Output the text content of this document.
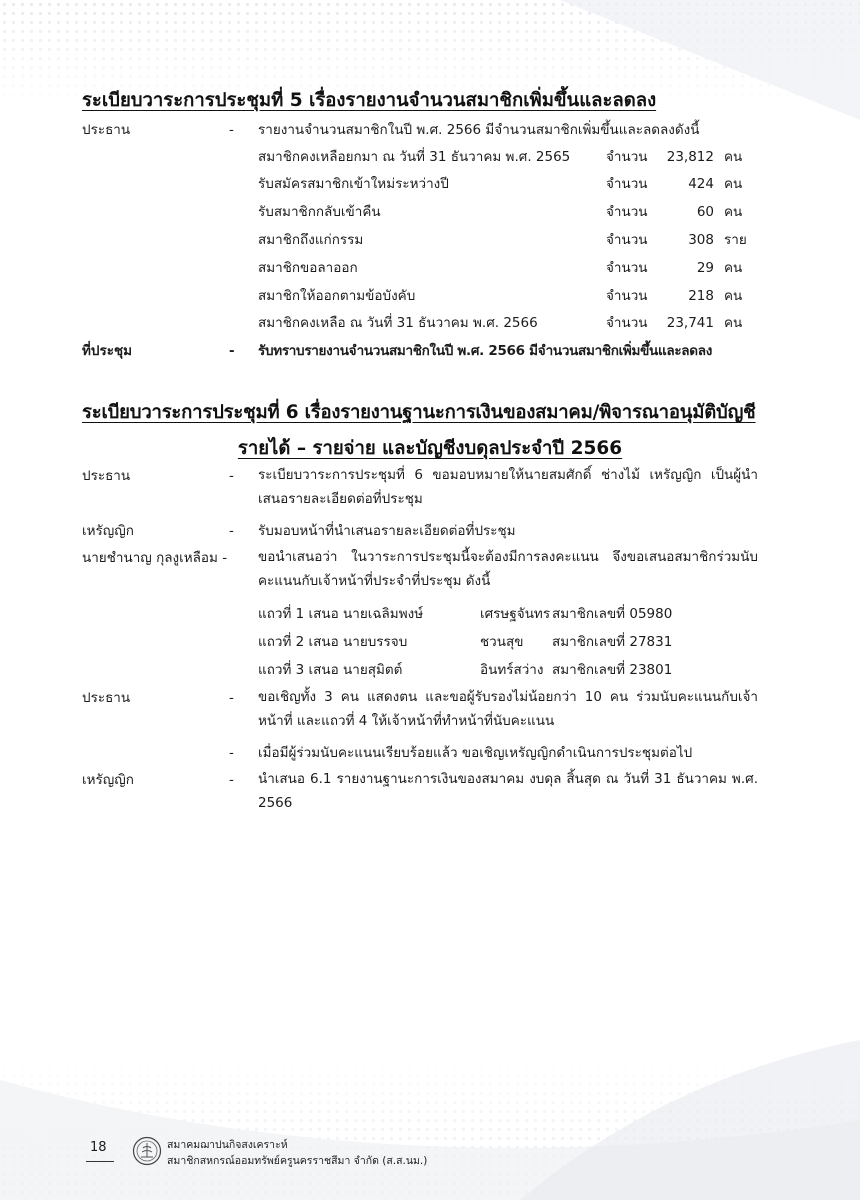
ระเบียบวาระการประชุมที่ 5 เรื่องรายงานจำนวนสมาชิกเพิ่มขึ้นและลดลง
ประธาน	- รายงานจำนวนสมาชิกในปี พ.ศ. 2566 มีจำนวนสมาชิกเพิ่มขึ้นและลดลงดังนี้
สมาชิกคงเหลือยกมา ณ วันที่ 31 ธันวาคม พ.ศ. 2565	จำนวน	23,812 คน
รับสมัครสมาชิกเข้าใหม่ระหว่างปี	จำนวน	424 คน
รับสมาชิกกลับเข้าคืน	จำนวน	60 คน
สมาชิกถึงแก่กรรม	จำนวน	308 ราย
สมาชิกขอลาออก	จำนวน	29 คน
สมาชิกให้ออกตามข้อบังคับ	จำนวน	218 คน
สมาชิกคงเหลือ ณ วันที่ 31 ธันวาคม พ.ศ. 2566	จำนวน	23,741 คน
ที่ประชุม	- รับทราบรายงานจำนวนสมาชิกในปี พ.ศ. 2566 มีจำนวนสมาชิกเพิ่มขึ้นและลดลง
ระเบียบวาระการประชุมที่ 6 เรื่องรายงานฐานะการเงินของสมาคม/พิจารณาอนุมัติบัญชี
รายได้ – รายจ่าย และบัญชีงบดุลประจำปี 2566
ประธาน	- ระเบียบวาระการประชุมที่ 6 ขอมอบหมายให้นายสมศักดิ์ ช่างไม้ เหรัญญิก เป็นผู้นำเสนอรายละเอียดต่อที่ประชุม
เหรัญญิก	- รับมอบหน้าที่นำเสนอรายละเอียดต่อที่ประชุม
นายชำนาญ กุลงูเหลือม - ขอนำเสนอว่า ในวาระการประชุมนี้จะต้องมีการลงคะแนน จึงขอเสนอสมาชิกร่วมนับคะแนนกับเจ้าหน้าที่ประจำที่ประชุม ดังนี้
แถวที่ 1 เสนอ นายเฉลิมพงษ์	เศรษฐจันทร สมาชิกเลขที่ 05980
แถวที่ 2 เสนอ นายบรรจบ	ชวนสุข สมาชิกเลขที่ 27831
แถวที่ 3 เสนอ นายสุมิตต์	อินทร์สว่าง สมาชิกเลขที่ 23801
ประธาน	- ขอเชิญทั้ง 3 คน แสดงตน และขอผู้รับรองไม่น้อยกว่า 10 คน ร่วมนับคะแนนกับเจ้าหน้าที่ และแถวที่ 4 ให้เจ้าหน้าที่ทำหน้าที่นับคะแนน
- เมื่อมีผู้ร่วมนับคะแนนเรียบร้อยแล้ว ขอเชิญเหรัญญิกดำเนินการประชุมต่อไป
เหรัญญิก	- นำเสนอ 6.1 รายงานฐานะการเงินของสมาคม งบดุล สิ้นสุด ณ วันที่ 31 ธันวาคม พ.ศ. 2566
18	สมาคมฌาปนกิจสงเคราะห์
สมาชิกสหกรณ์ออมทรัพย์ครูนครราชสีมา จำกัด (ส.ส.นม.)
